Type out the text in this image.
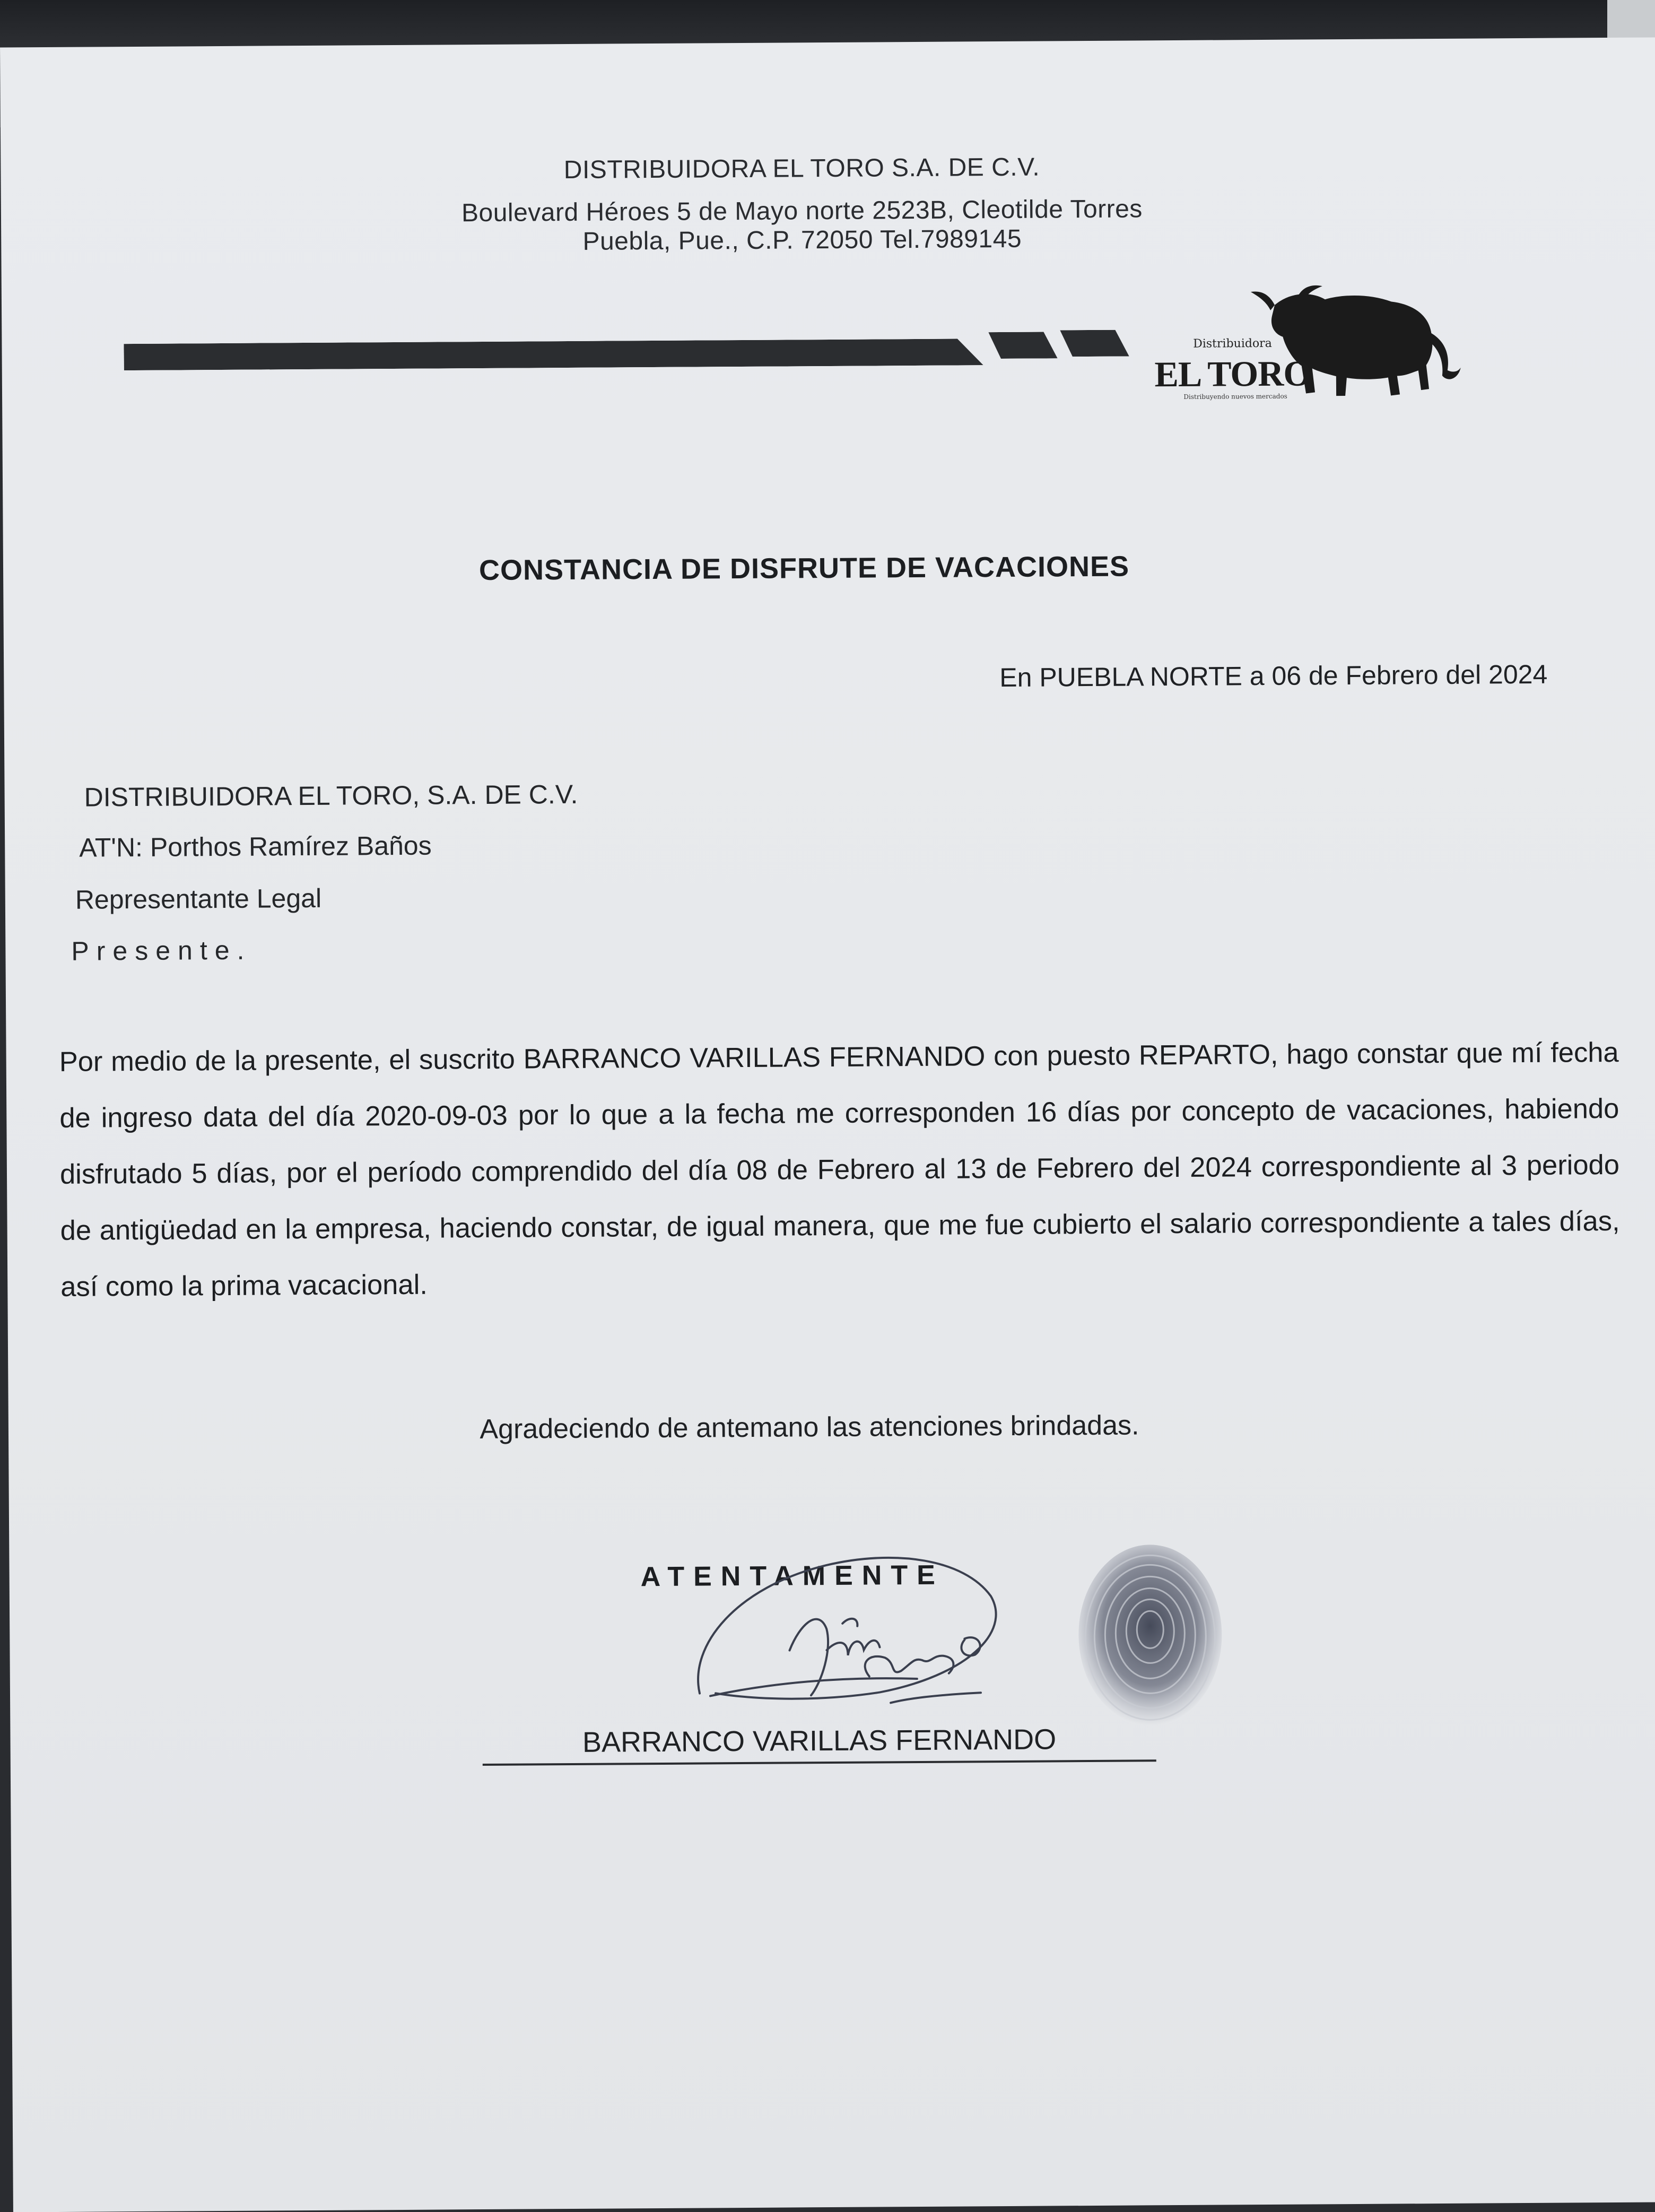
DISTRIBUIDORA EL TORO S.A. DE C.V.
Boulevard Héroes 5 de Mayo norte 2523B, Cleotilde Torres
Puebla, Pue., C.P. 72050 Tel.7989145
Distribuidora
EL TORO
Distribuyendo nuevos mercados
CONSTANCIA DE DISFRUTE DE VACACIONES
En PUEBLA NORTE a 06 de Febrero del 2024
DISTRIBUIDORA EL TORO, S.A. DE C.V.
AT'N: Porthos Ramírez Baños
Representante Legal
Presente.
Por medio de la presente, el suscrito BARRANCO VARILLAS FERNANDO con puesto REPARTO, hago constar que mí fecha de ingreso data del día 2020-09-03 por lo que a la fecha me corresponden 16 días por concepto de vacaciones, habiendo disfrutado 5 días, por el período comprendido del día 08 de Febrero al 13 de Febrero del 2024 correspondiente al 3 periodo de antigüedad en la empresa, haciendo constar, de igual manera, que me fue cubierto el salario correspondiente a tales días, así como la prima vacacional.
Agradeciendo de antemano las atenciones brindadas.
ATENTAMENTE
BARRANCO VARILLAS FERNANDO
